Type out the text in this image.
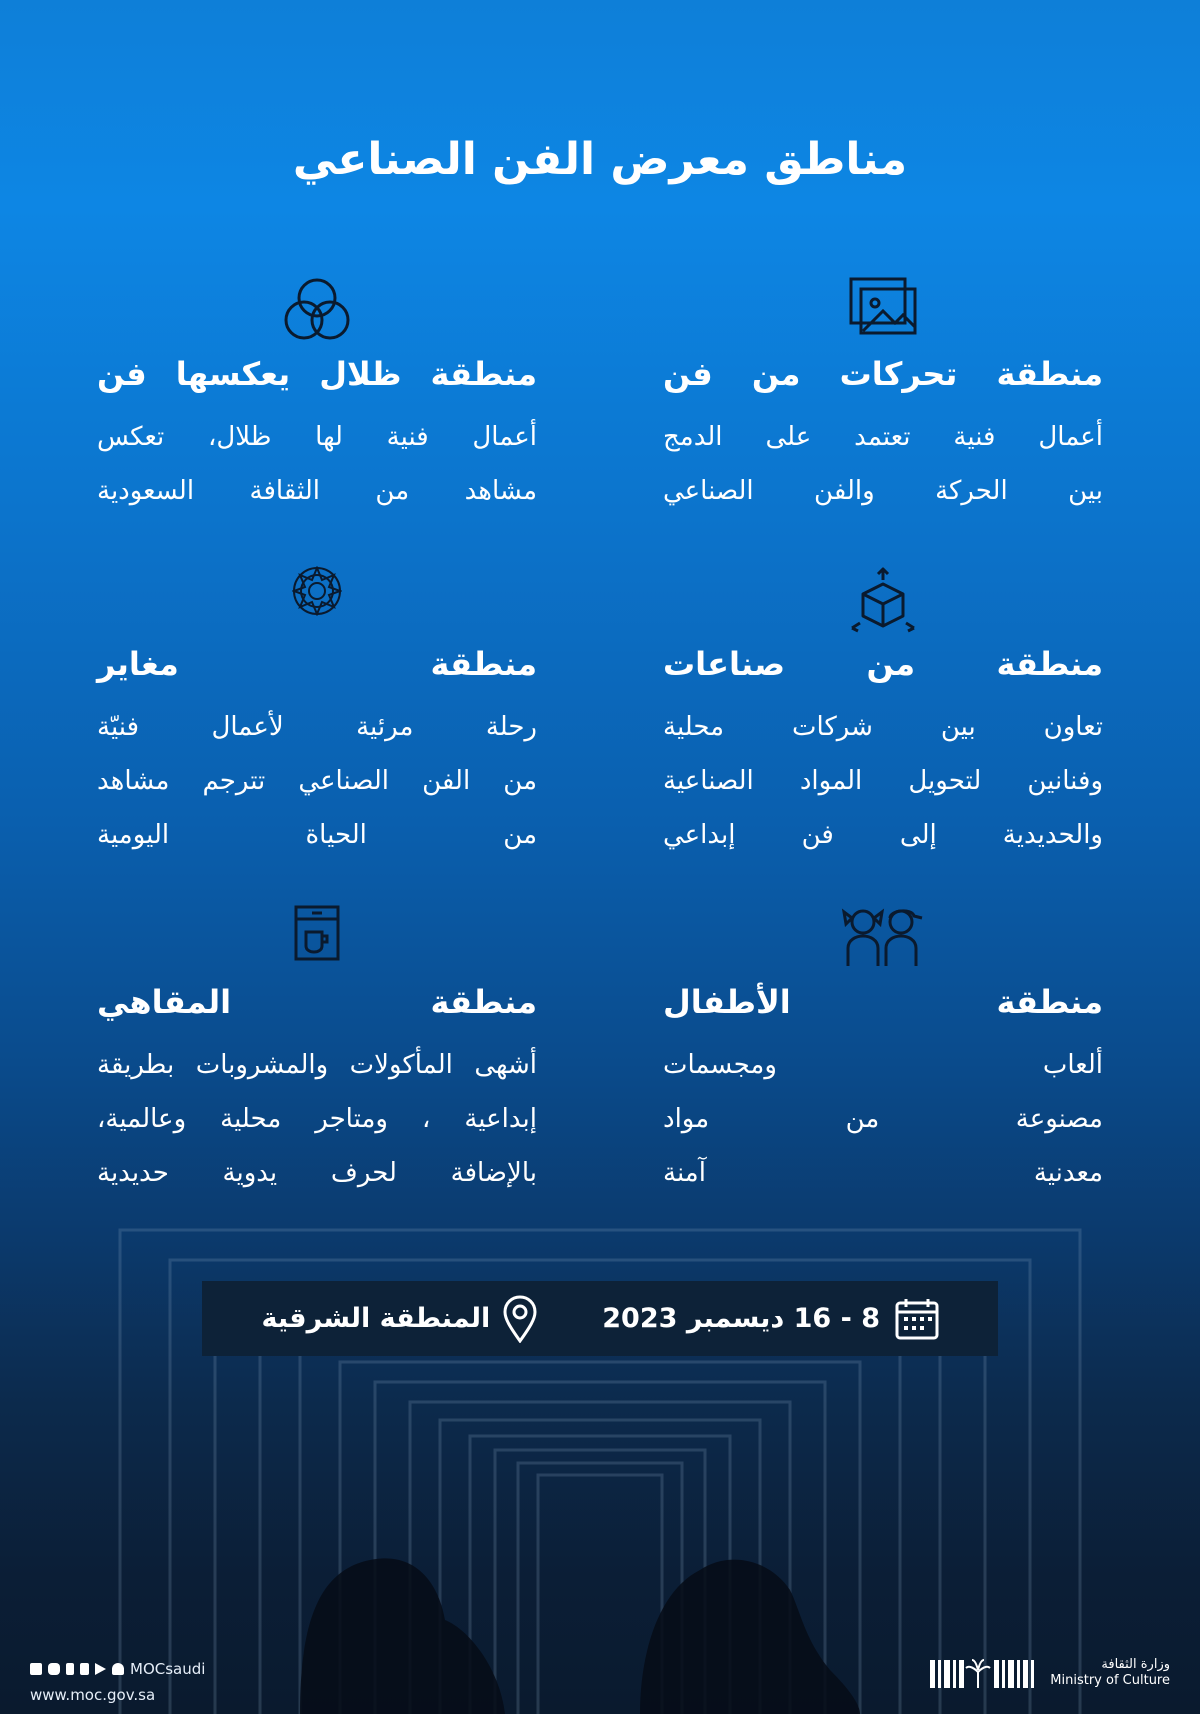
مناطق معرض الفن الصناعي
منطقة تحركات من فن
أعمال فنية تعتمد على الدمج
بين الحركة والفن الصناعي
منطقة ظلال يعكسها فن
أعمال فنية لها ظلال، تعكس
مشاهد من الثقافة السعودية
منطقة من صناعات
تعاون بين شركات محلية
وفنانين لتحويل المواد الصناعية
والحديدية إلى فن إبداعي
منطقة مغاير
رحلة مرئية لأعمال فنيّة
من الفن الصناعي تترجم مشاهد
من الحياة اليومية
منطقة الأطفال
ألعاب ومجسمات
مصنوعة من مواد
معدنية آمنة
منطقة المقاهي
أشهى المأكولات والمشروبات بطريقة
إبداعية ، ومتاجر محلية وعالمية،
بالإضافة لحرف يدوية حديدية
8 - 16 ديسمبر 2023
المنطقة الشرقية
MOCsaudi
www.moc.gov.sa
وزارة الثقافة
Ministry of Culture
